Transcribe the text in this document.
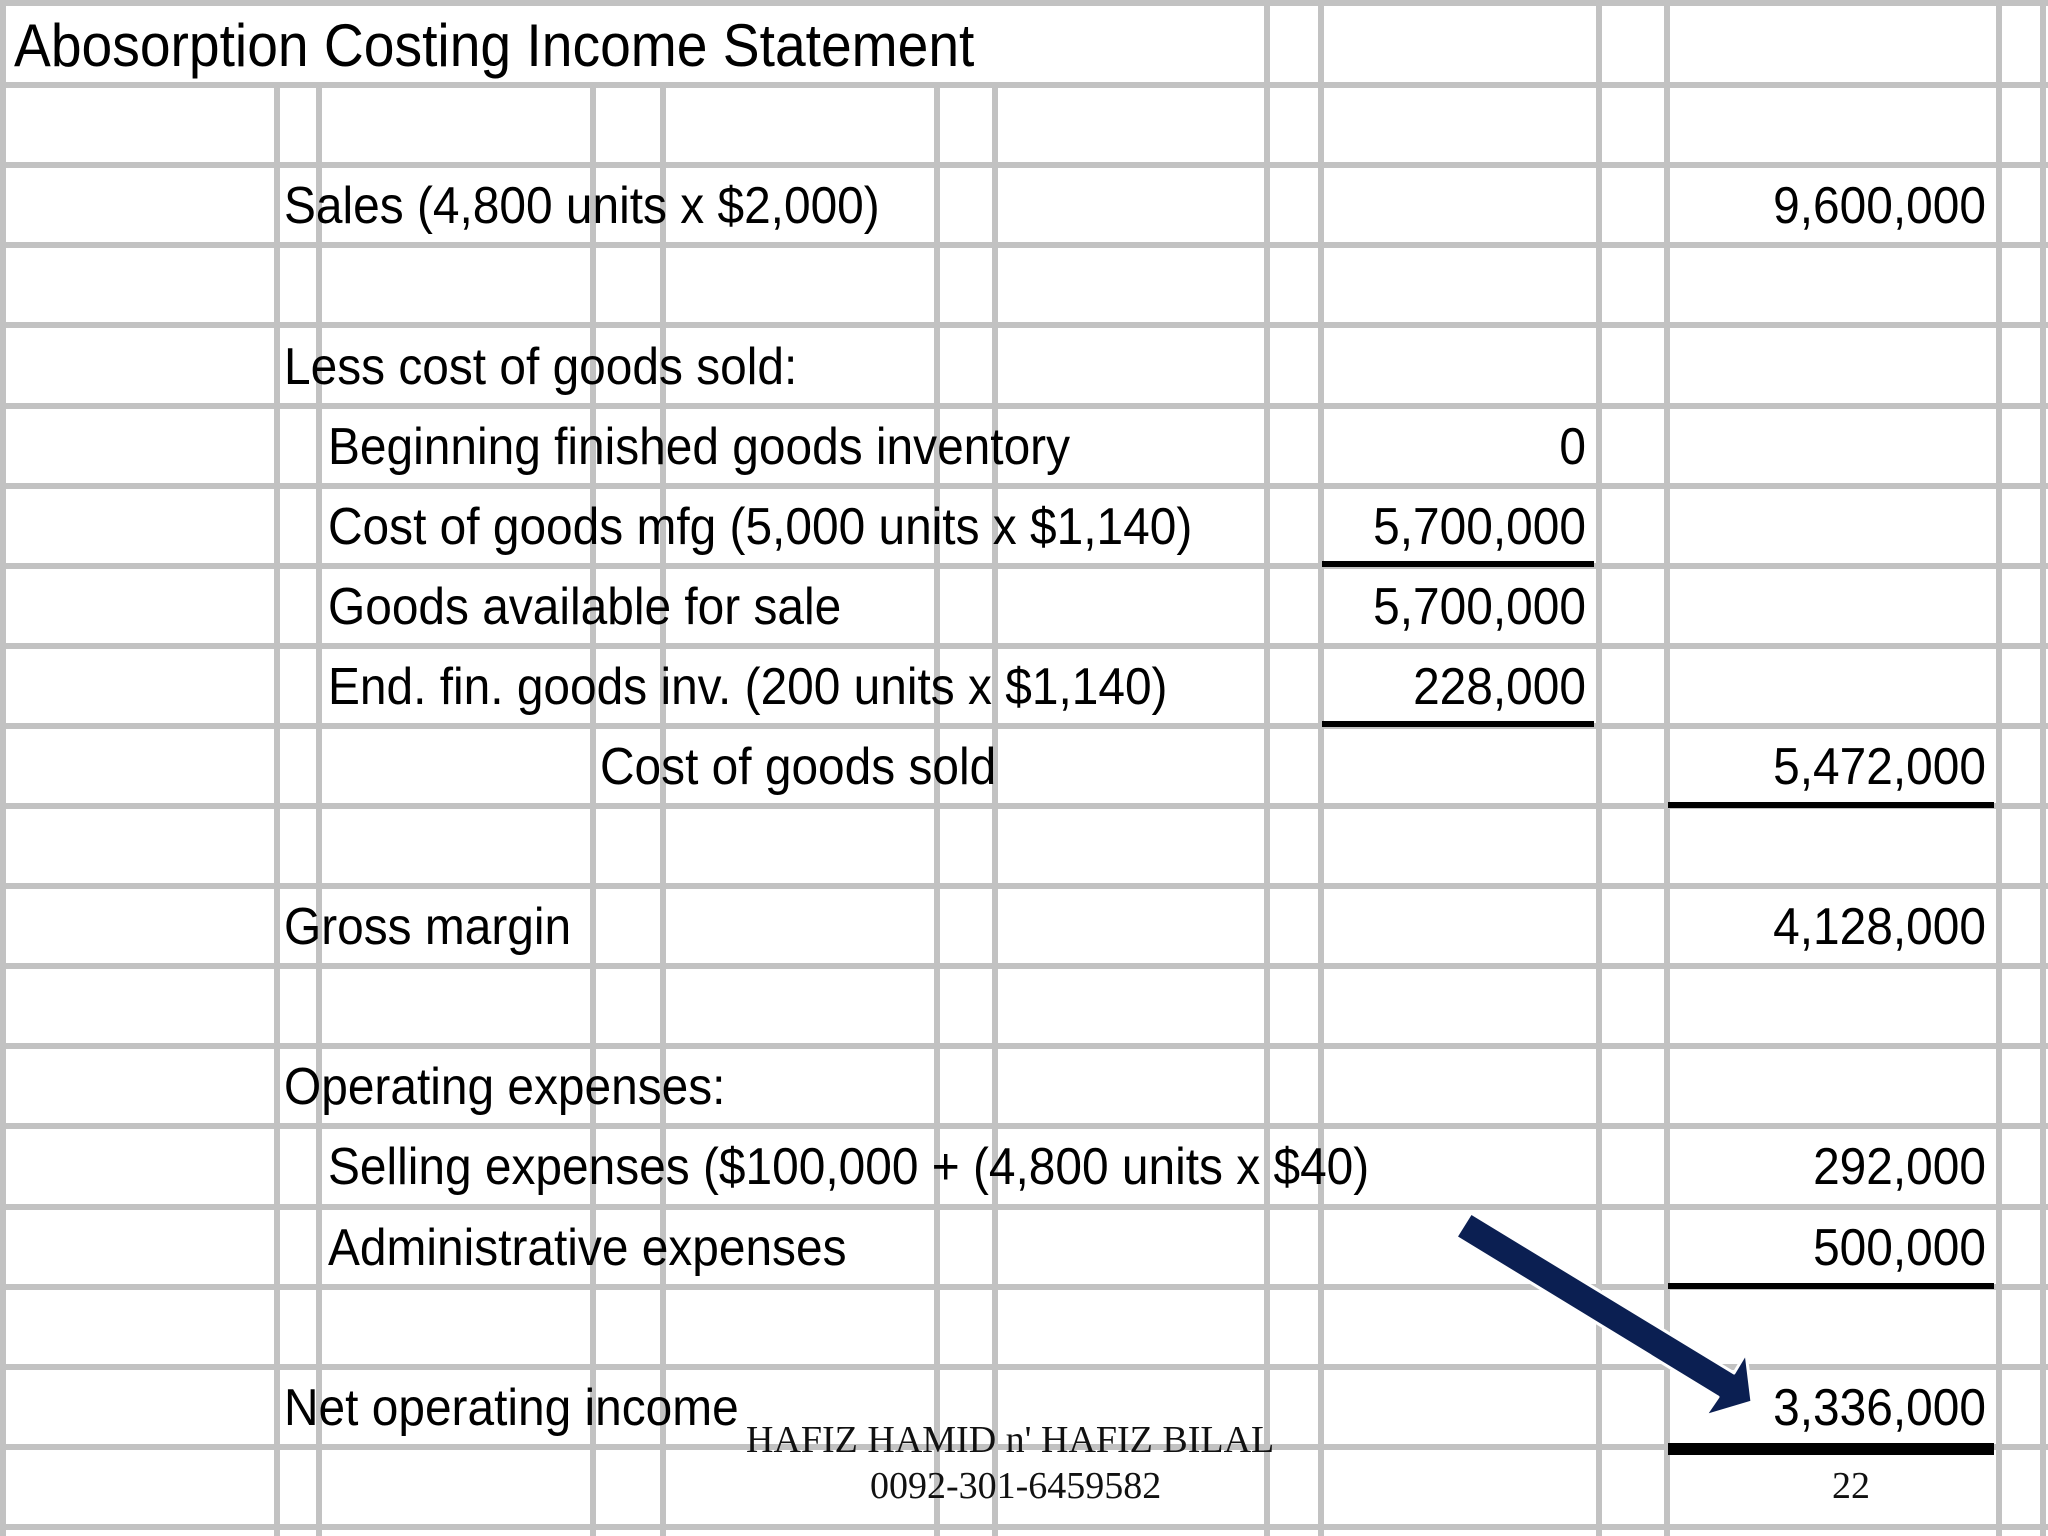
Abosorption Costing Income Statement
Sales (4,800 units x $2,000)
Less cost of goods sold:
Beginning finished goods inventory
Cost of goods mfg (5,000 units x $1,140)
Goods available for sale
End. fin. goods inv. (200 units x $1,140)
Cost of goods sold
Gross margin
Operating expenses:
Selling expenses ($100,000 + (4,800 units x $40)
Administrative expenses
Net operating income
0
5,700,000
5,700,000
228,000
9,600,000
5,472,000
4,128,000
292,000
500,000
3,336,000
HAFIZ HAMID n' HAFIZ BILAL
0092-301-6459582	22
